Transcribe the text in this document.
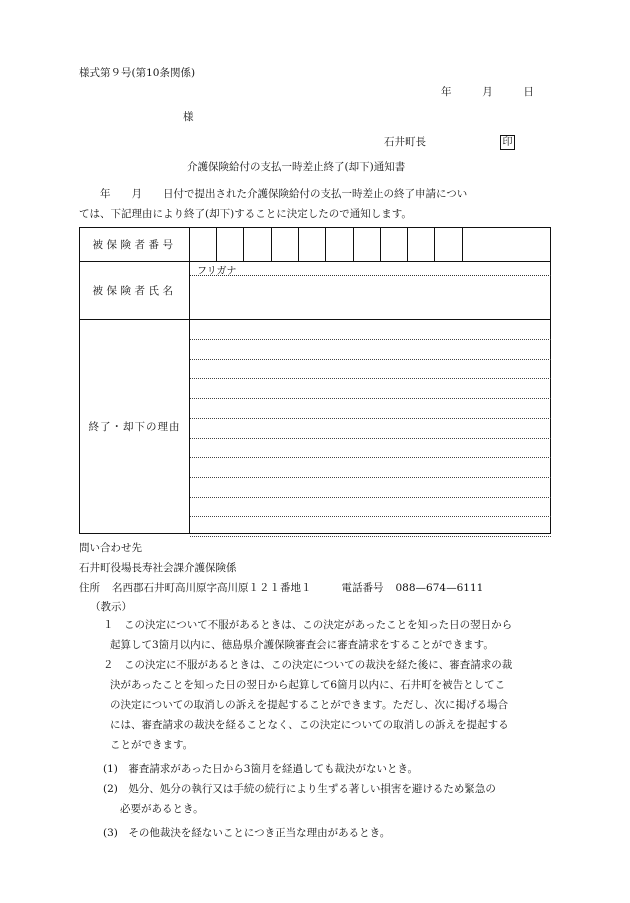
様式第９号(第10条関係)
年	月	日
様
石井町長	印
介護保険給付の支払一時差止終了(却下)通知書
　　年　　月　　日付で提出された介護保険給付の支払一時差止の終了申請につい
ては、下記理由により終了(却下)することに決定したので通知します。
被保険者番号
被保険者氏名
フリガナ
終了・却下の理由
問い合わせ先
石井町役場長寿社会課介護保険係
住所 名西郡石井町高川原字高川原１２１番地１	電話番号 088—674—6111
（教示）
１　この決定について不服があるときは、この決定があったことを知った日の翌日から
起算して3箇月以内に、徳島県介護保険審査会に審査請求をすることができます。
２　この決定に不服があるときは、この決定についての裁決を経た後に、審査請求の裁
決があったことを知った日の翌日から起算して6箇月以内に、石井町を被告としてこ
の決定についての取消しの訴えを提起することができます。ただし、次に掲げる場合
には、審査請求の裁決を経ることなく、この決定についての取消しの訴えを提起する
ことができます。
(1)　審査請求があった日から3箇月を経過しても裁決がないとき。
(2)　処分、処分の執行又は手続の続行により生ずる著しい損害を避けるため緊急の
必要があるとき。
(3)　その他裁決を経ないことにつき正当な理由があるとき。
